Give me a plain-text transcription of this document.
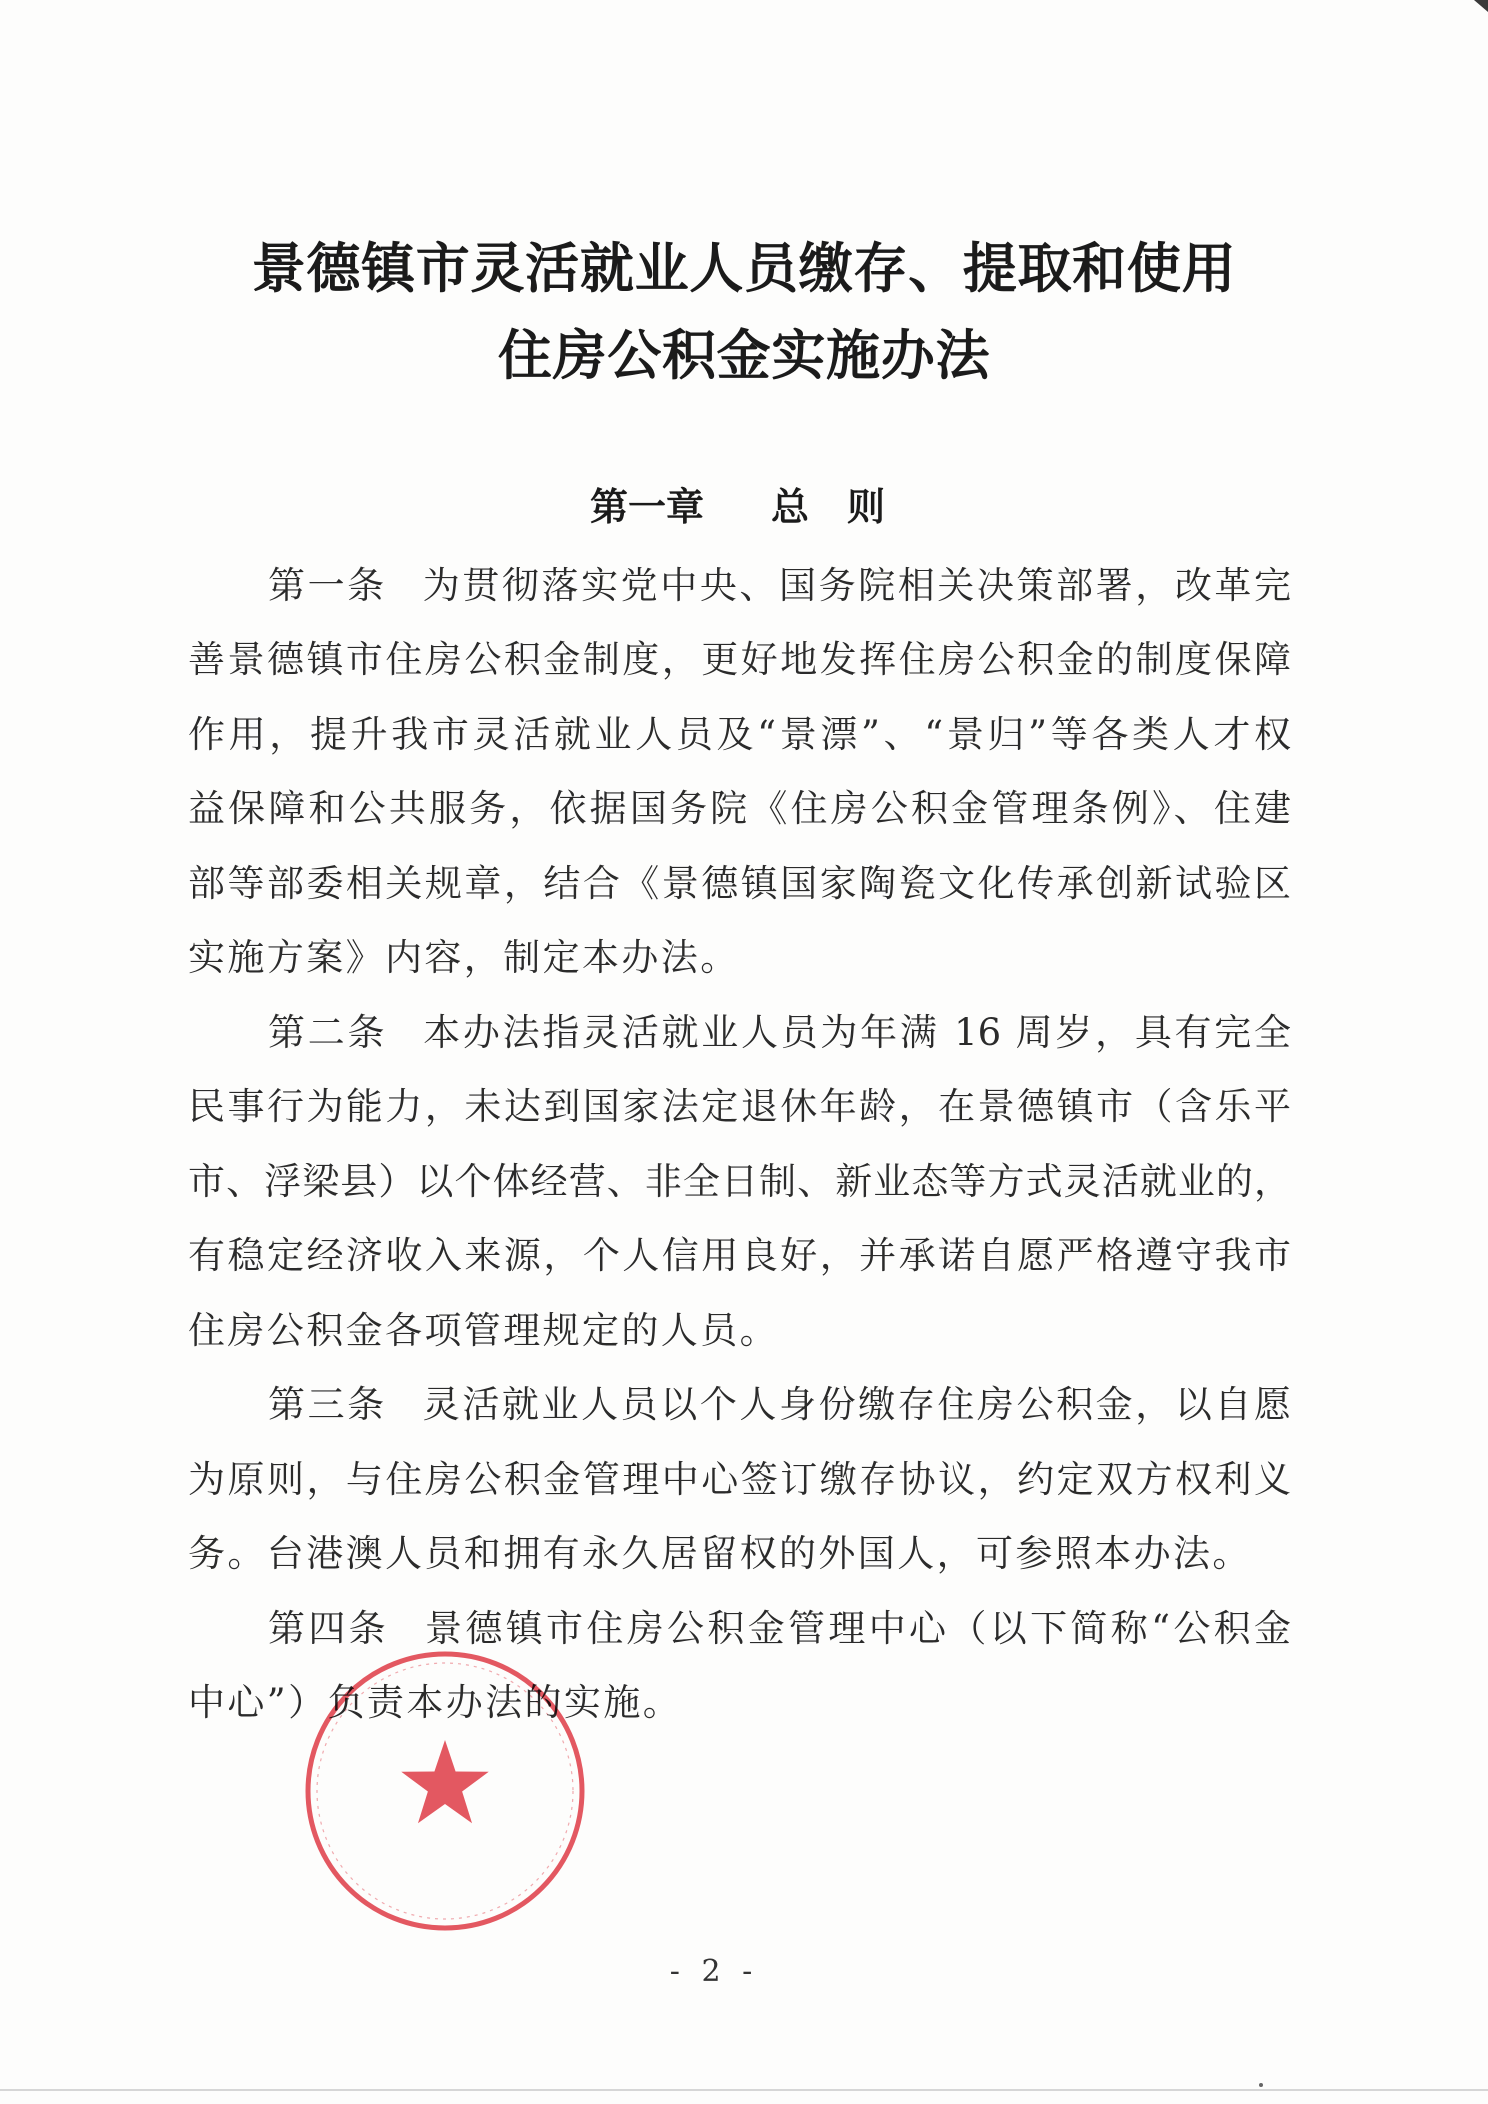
景德镇市灵活就业人员缴存、提取和使用
住房公积金实施办法
第一章 总　则
第一条 为贯彻落实党中央、国务院相关决策部署，改革完
善景德镇市住房公积金制度，更好地发挥住房公积金的制度保障
作用，提升我市灵活就业人员及“景漂”、“景归”等各类人才权
益保障和公共服务，依据国务院《住房公积金管理条例》、住建
部等部委相关规章，结合《景德镇国家陶瓷文化传承创新试验区
实施方案》内容，制定本办法。
第二条 本办法指灵活就业人员为年满 16 周岁，具有完全
民事行为能力，未达到国家法定退休年龄，在景德镇市（含乐平
市、浮梁县）以个体经营、非全日制、新业态等方式灵活就业的，
有稳定经济收入来源，个人信用良好，并承诺自愿严格遵守我市
住房公积金各项管理规定的人员。
第三条 灵活就业人员以个人身份缴存住房公积金，以自愿
为原则，与住房公积金管理中心签订缴存协议，约定双方权利义
务。台港澳人员和拥有永久居留权的外国人，可参照本办法。
第四条 景德镇市住房公积金管理中心（以下简称“公积金
中心”）负责本办法的实施。
- 2 -
